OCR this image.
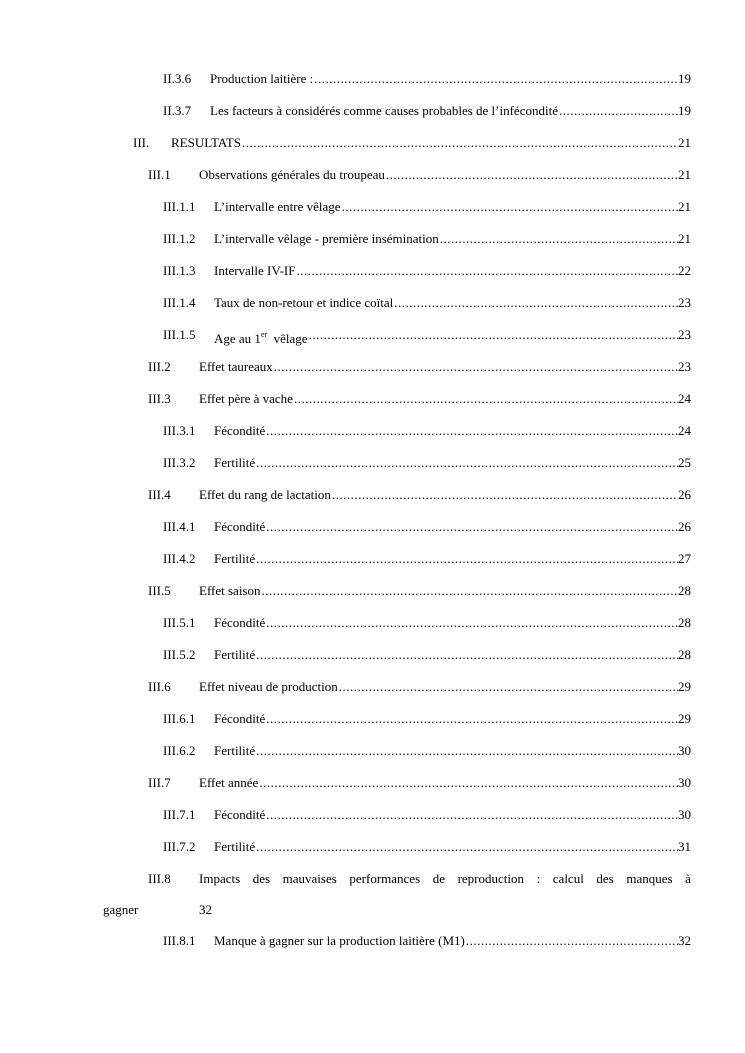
II.3.6 Production laitière : .....	19
II.3.7 Les facteurs à considérés comme causes probables de l’infécondité .....	19
III. RESULTATS .....	21
III.1 Observations générales du troupeau .....	21
III.1.1 L’intervalle entre vêlage .....	21
III.1.2 L’intervalle vêlage - première insémination .....	21
III.1.3 Intervalle IV-IF .....	22
III.1.4 Taux de non-retour et indice coïtal .....	23
III.1.5 Age au 1er vêlage .....	23
III.2 Effet taureaux .....	23
III.3 Effet père à vache .....	24
III.3.1 Fécondité .....	24
III.3.2 Fertilité .....	25
III.4 Effet du rang de lactation .....	26
III.4.1 Fécondité .....	26
III.4.2 Fertilité .....	27
III.5 Effet saison .....	28
III.5.1 Fécondité .....	28
III.5.2 Fertilité .....	28
III.6 Effet niveau de production .....	29
III.6.1 Fécondité .....	29
III.6.2 Fertilité .....	30
III.7 Effet année .....	30
III.7.1 Fécondité .....	30
III.7.2 Fertilité .....	31
III.8 Impacts des mauvaises performances de reproduction : calcul des manques à
gagner	32
III.8.1 Manque à gagner sur la production laitière (M1) .....	32
